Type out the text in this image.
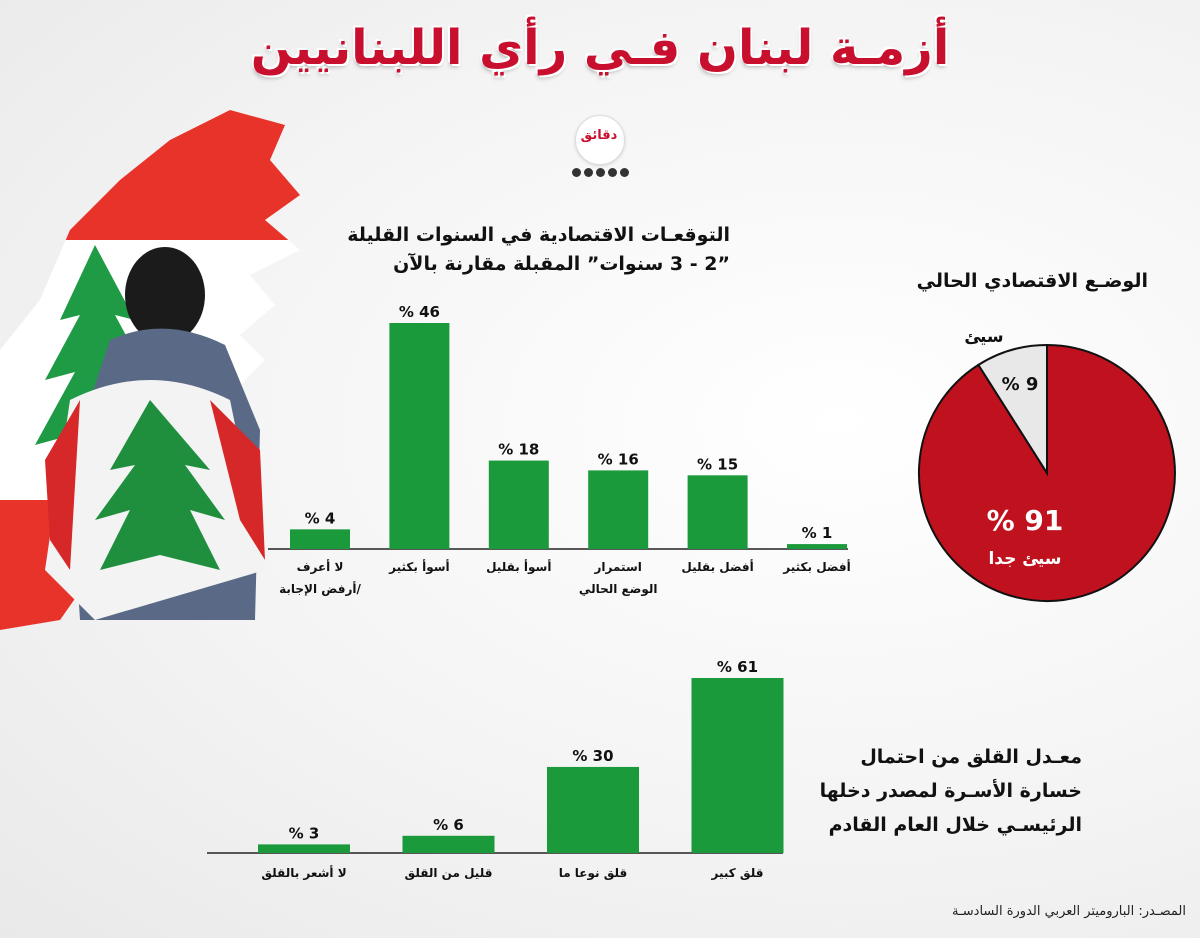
أزمـة لبنان فـي رأي اللبنانيين
دقائق
التوقعـات الاقتصادية في السنوات القليلة
”2 - 3 سنوات” المقبلة مقارنة بالآن
الوضـع الاقتصادي الحالي
معـدل القلق من احتمال
خسارة الأسـرة لمصدر دخلها
الرئيسـي خلال العام القادم
% 4
لا أعرف
/أرفض الإجابة
% 46
أسوأ بكثير
% 18
أسوأ بقليل
% 16
استمرار
الوضع الحالي
% 15
أفضل بقليل
% 1
أفضل بكثير
% 91
سيئ جدا
% 9
سيئ
% 3
لا أشعر بالقلق
% 6
قليل من القلق
% 30
قلق نوعا ما
% 61
قلق كبير
المصـدر: الباروميتر العربي الدورة السادسـة
